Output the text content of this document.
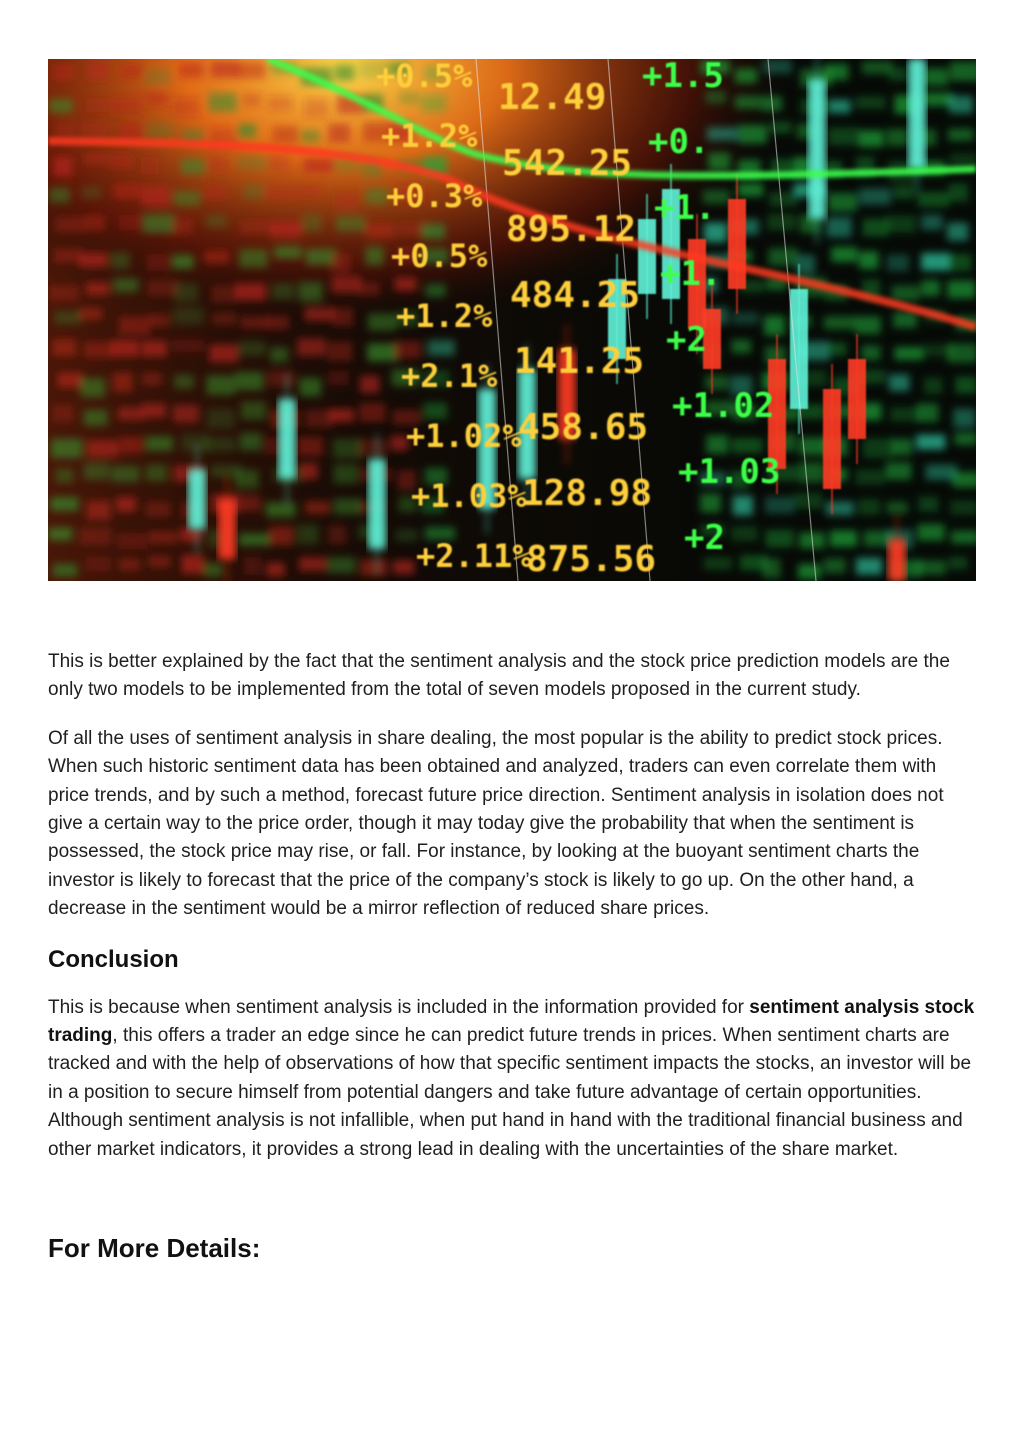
+0.5%
+1.2%
+0.3%
+0.5%
+1.2%
+2.1%
+1.02%
+1.03%
+2.11%
12.49
542.25
895.12
484.25
141.25
458.65
128.98
875.56
+1.5
+0.
+1.
+1.
+2
+1.02
+1.03
+2

This is better explained by the fact that the sentiment analysis and the stock price prediction models are the only two models to be implemented from the total of seven models proposed in the current study.

Of all the uses of sentiment analysis in share dealing, the most popular is the ability to predict stock prices. When such historic sentiment data has been obtained and analyzed, traders can even correlate them with price trends, and by such a method, forecast future price direction. Sentiment analysis in isolation does not give a certain way to the price order, though it may today give the probability that when the sentiment is possessed, the stock price may rise, or fall. For instance, by looking at the buoyant sentiment charts the investor is likely to forecast that the price of the company’s stock is likely to go up. On the other hand, a decrease in the sentiment would be a mirror reflection of reduced share prices.

Conclusion

This is because when sentiment analysis is included in the information provided for sentiment analysis stock trading, this offers a trader an edge since he can predict future trends in prices. When sentiment charts are tracked and with the help of observations of how that specific sentiment impacts the stocks, an investor will be in a position to secure himself from potential dangers and take future advantage of certain opportunities. Although sentiment analysis is not infallible, when put hand in hand with the traditional financial business and other market indicators, it provides a strong lead in dealing with the uncertainties of the share market.

For More Details:
